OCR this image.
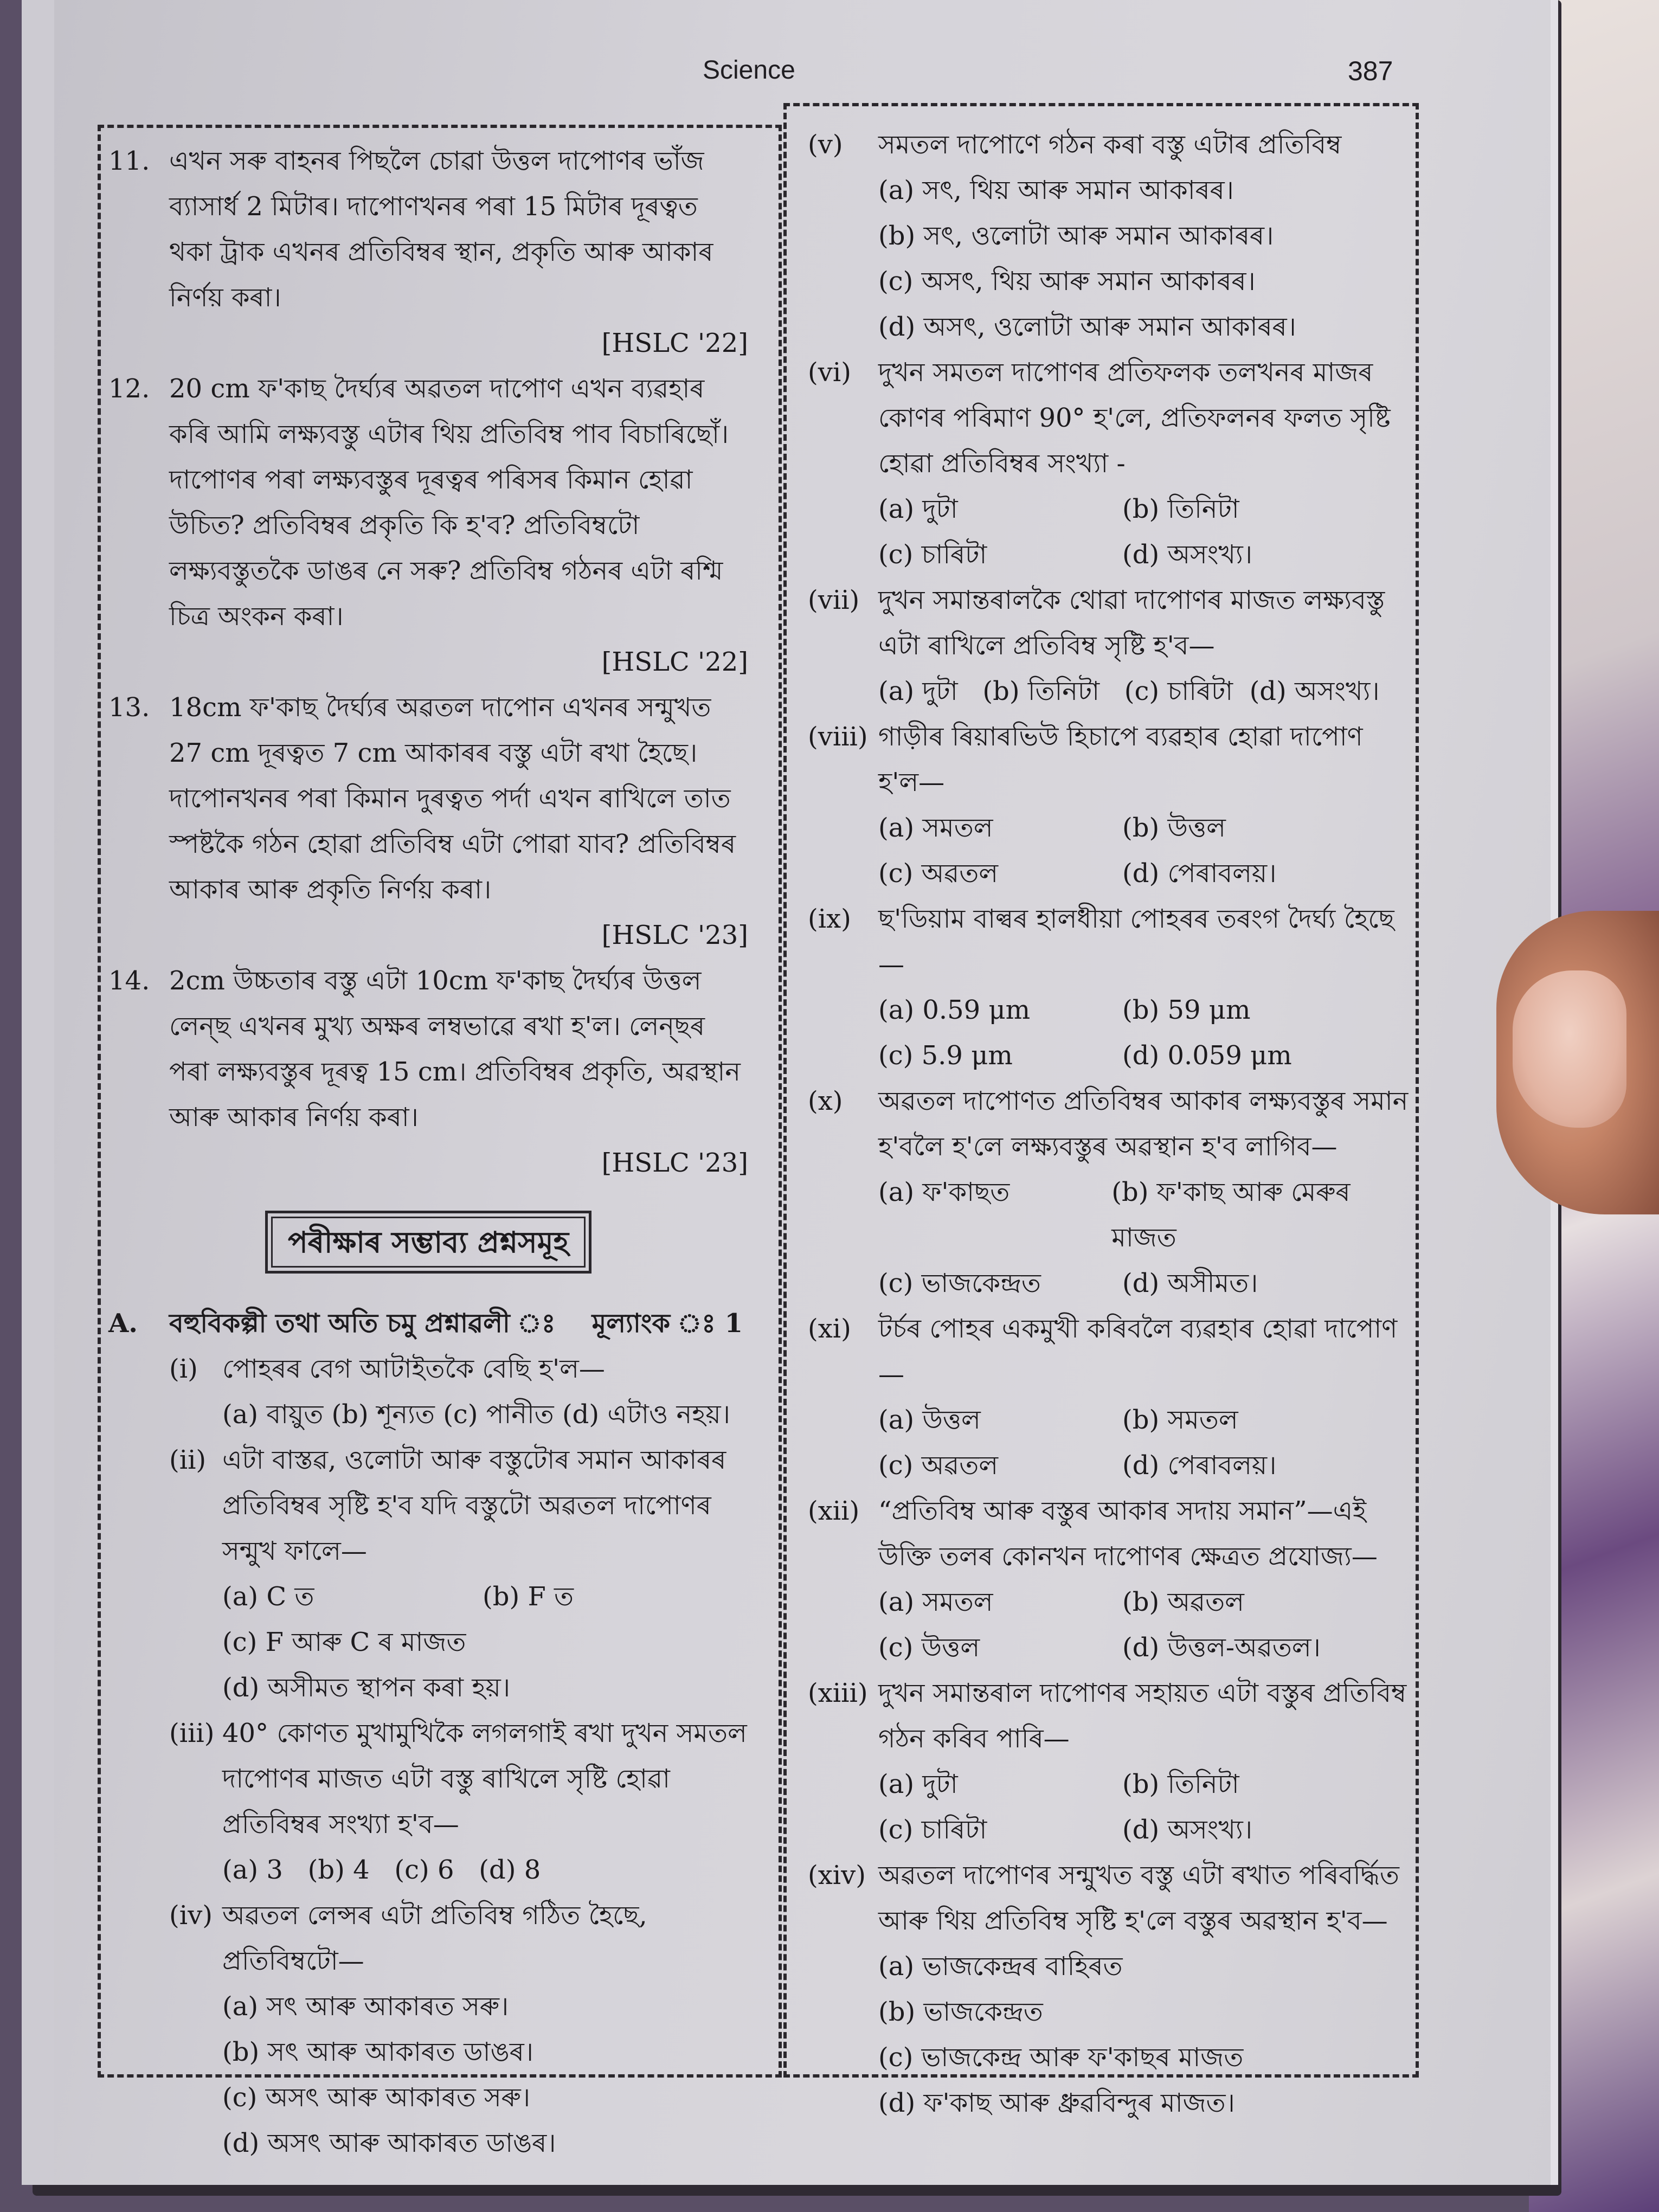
Science	387
11. এখন সৰু বাহনৰ পিছলৈ চোৱা উত্তল দাপোণৰ ভাঁজ ব্যাসাৰ্ধ 2 মিটাৰ। দাপোণখনৰ পৰা 15 মিটাৰ দূৰত্বত থকা ট্ৰাক এখনৰ প্ৰতিবিম্বৰ স্থান, প্ৰকৃতি আৰু আকাৰ নিৰ্ণয় কৰা।
[HSLC '22]
12. 20 cm ফ'কাছ দৈৰ্ঘ্যৰ অৱতল দাপোণ এখন ব্যৱহাৰ কৰি আমি লক্ষ্যবস্তু এটাৰ থিয় প্ৰতিবিম্ব পাব বিচাৰিছোঁ। দাপোণৰ পৰা লক্ষ্যবস্তুৰ দূৰত্বৰ পৰিসৰ কিমান হোৱা উচিত? প্ৰতিবিম্বৰ প্ৰকৃতি কি হ'ব? প্ৰতিবিম্বটো লক্ষ্যবস্তুতকৈ ডাঙৰ নে সৰু? প্ৰতিবিম্ব গঠনৰ এটা ৰশ্মি চিত্ৰ অংকন কৰা।
[HSLC '22]
13. 18cm ফ'কাছ দৈৰ্ঘ্যৰ অৱতল দাপোন এখনৰ সন্মুখত 27 cm দূৰত্বত 7 cm আকাৰৰ বস্তু এটা ৰখা হৈছে। দাপোনখনৰ পৰা কিমান দুৰত্বত পৰ্দা এখন ৰাখিলে তাত স্পষ্টকৈ গঠন হোৱা প্ৰতিবিম্ব এটা পোৱা যাব? প্ৰতিবিম্বৰ আকাৰ আৰু প্ৰকৃতি নিৰ্ণয় কৰা।
[HSLC '23]
14. 2cm উচ্চতাৰ বস্তু এটা 10cm ফ'কাছ দৈৰ্ঘ্যৰ উত্তল লেন্‌ছ এখনৰ মুখ্য অক্ষৰ লম্বভাৱে ৰখা হ'ল। লেন্‌ছৰ পৰা লক্ষ্যবস্তুৰ দূৰত্ব 15 cm। প্ৰতিবিম্বৰ প্ৰকৃতি, অৱস্থান আৰু আকাৰ নিৰ্ণয় কৰা।
[HSLC '23]
পৰীক্ষাৰ সম্ভাব্য প্ৰশ্নসমূহ
A. বহুবিকল্পী তথা অতি চমু প্ৰশ্নাৱলী ঃ মূল্যাংক ঃ 1
(i) পোহৰৰ বেগ আটাইতকৈ বেছি হ'ল—
(a) বায়ুত (b) শূন্যত (c) পানীত (d) এটাও নহয়।
(ii) এটা বাস্তৱ, ওলোটা আৰু বস্তুটোৰ সমান আকাৰৰ প্ৰতিবিম্বৰ সৃষ্টি হ'ব যদি বস্তুটো অৱতল দাপোণৰ সন্মুখ ফালে—
(a) C ত	(b) F ত
(c) F আৰু C ৰ মাজত
(d) অসীমত স্থাপন কৰা হয়।
(iii) 40° কোণত মুখামুখিকৈ লগলগাই ৰখা দুখন সমতল দাপোণৰ মাজত এটা বস্তু ৰাখিলে সৃষ্টি হোৱা প্ৰতিবিম্বৰ সংখ্যা হ'ব—
(a) 3   (b) 4   (c) 6   (d) 8
(iv) অৱতল লেন্সৰ এটা প্ৰতিবিম্ব গঠিত হৈছে, প্ৰতিবিম্বটো—
(a) সৎ আৰু আকাৰত সৰু।
(b) সৎ আৰু আকাৰত ডাঙৰ।
(c) অসৎ আৰু আকাৰত সৰু।
(d) অসৎ আৰু আকাৰত ডাঙৰ।
(v) সমতল দাপোণে গঠন কৰা বস্তু এটাৰ প্ৰতিবিম্ব
(a) সৎ, থিয় আৰু সমান আকাৰৰ।
(b) সৎ, ওলোটা আৰু সমান আকাৰৰ।
(c) অসৎ, থিয় আৰু সমান আকাৰৰ।
(d) অসৎ, ওলোটা আৰু সমান আকাৰৰ।
(vi) দুখন সমতল দাপোণৰ প্ৰতিফলক তলখনৰ মাজৰ কোণৰ পৰিমাণ 90° হ'লে, প্ৰতিফলনৰ ফলত সৃষ্টি হোৱা প্ৰতিবিম্বৰ সংখ্যা -
(a) দুটা	(b) তিনিটা
(c) চাৰিটা	(d) অসংখ্য।
(vii) দুখন সমান্তৰালকৈ থোৱা দাপোণৰ মাজত লক্ষ্যবস্তু এটা ৰাখিলে প্ৰতিবিম্ব সৃষ্টি হ'ব—
(a) দুটা   (b) তিনিটা   (c) চাৰিটা  (d) অসংখ্য।
(viii) গাড়ীৰ ৰিয়াৰভিউ হিচাপে ব্যৱহাৰ হোৱা দাপোণ হ'ল—
(a) সমতল	(b) উত্তল
(c) অৱতল	(d) পেৰাবলয়।
(ix) ছ'ডিয়াম বাল্বৰ হালধীয়া পোহৰৰ তৰংগ দৈৰ্ঘ্য হৈছে—
(a) 0.59 μm	(b) 59 μm
(c) 5.9 μm	(d) 0.059 μm
(x) অৱতল দাপোণত প্ৰতিবিম্বৰ আকাৰ লক্ষ্যবস্তুৰ সমান হ'বলৈ হ'লে লক্ষ্যবস্তুৰ অৱস্থান হ'ব লাগিব—
(a) ফ'কাছত	(b) ফ'কাছ আৰু মেৰুৰ মাজত
(c) ভাজকেন্দ্ৰত	(d) অসীমত।
(xi) টৰ্চৰ পোহৰ একমুখী কৰিবলৈ ব্যৱহাৰ হোৱা দাপোণ—
(a) উত্তল	(b) সমতল
(c) অৱতল	(d) পেৰাবলয়।
(xii) “প্ৰতিবিম্ব আৰু বস্তুৰ আকাৰ সদায় সমান”—এই উক্তি তলৰ কোনখন দাপোণৰ ক্ষেত্ৰত প্ৰযোজ্য—
(a) সমতল	(b) অৱতল
(c) উত্তল	(d) উত্তল-অৱতল।
(xiii) দুখন সমান্তৰাল দাপোণৰ সহায়ত এটা বস্তুৰ প্ৰতিবিম্ব গঠন কৰিব পাৰি—
(a) দুটা	(b) তিনিটা
(c) চাৰিটা	(d) অসংখ্য।
(xiv) অৱতল দাপোণৰ সন্মুখত বস্তু এটা ৰখাত পৰিবৰ্দ্ধিত আৰু থিয় প্ৰতিবিম্ব সৃষ্টি হ'লে বস্তুৰ অৱস্থান হ'ব—
(a) ভাজকেন্দ্ৰৰ বাহিৰত
(b) ভাজকেন্দ্ৰত
(c) ভাজকেন্দ্ৰ আৰু ফ'কাছৰ মাজত
(d) ফ'কাছ আৰু ধ্ৰুৱবিন্দুৰ মাজত।
